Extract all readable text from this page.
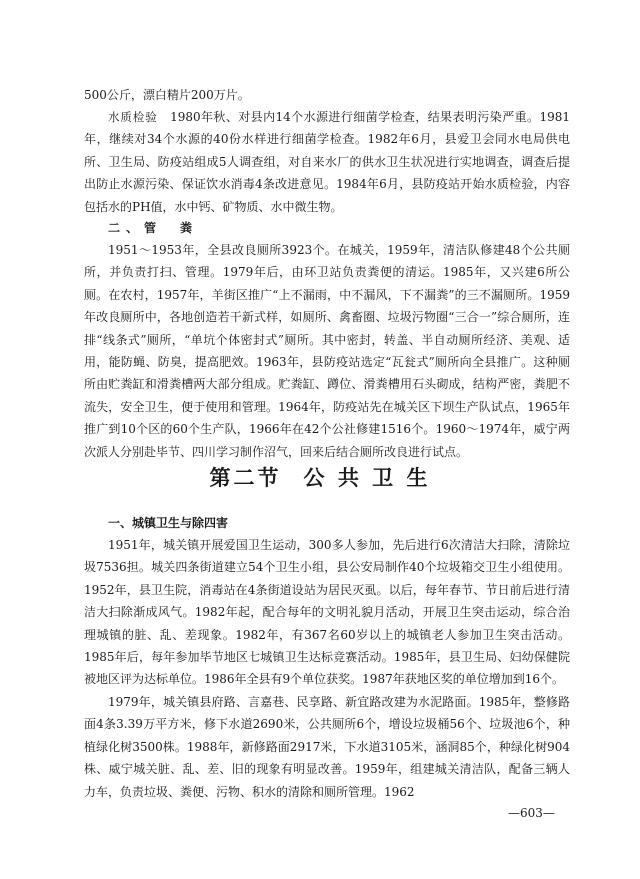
500公斤，漂白精片200万片。

水质检验　1980年秋、对县内14个水源进行细菌学检查，结果表明污染严重。1981年，继续对34个水源的40份水样进行细菌学检查。1982年6月，县爱卫会同水电局供电所、卫生局、防疫站组成5人调查组，对自来水厂的供水卫生状况进行实地调查，调查后提出防止水源污染、保证饮水消毒4条改进意见。1984年6月，县防疫站开始水质检验，内容包括水的PH值，水中钙、矿物质、水中微生物。

二、管　粪

1951～1953年，全县改良厕所3923个。在城关，1959年，清洁队修建48个公共厕所，并负责打扫、管理。1979年后，由环卫站负责粪便的清运。1985年，又兴建6所公厕。在农村，1957年，羊街区推广“上不漏雨，中不漏风，下不漏粪”的三不漏厕所。1959年改良厕所中，各地创造若干新式样，如厕所、禽畜圈、垃圾污物圈“三合一”综合厕所，连排“线条式”厕所，“单坑个体密封式”厕所。其中密封，转盖、半自动厕所经济、美观、适用，能防蝇、防臭，提高肥效。1963年，县防疫站选定“瓦瓮式”厕所向全县推广。这种厕所由贮粪缸和滑粪槽两大部分组成。贮粪缸、蹲位、滑粪槽用石头砌成，结构严密，粪肥不流失，安全卫生，便于使用和管理。1964年，防疫站先在城关区下坝生产队试点，1965年推广到10个区的60个生产队，1966年在42个公社修建1516个。1960～1974年，威宁两次派人分别赴毕节、四川学习制作沼气，回来后结合厕所改良进行试点。

第二节 公 共 卫 生

一、城镇卫生与除四害

1951年，城关镇开展爱国卫生运动，300多人参加，先后进行6次清洁大扫除，清除垃圾7536担。城关四条街道建立54个卫生小组，县公安局制作40个垃圾箱交卫生小组使用。1952年，县卫生院，消毒站在4条街道设站为居民灭虱。以后，每年春节、节日前后进行清洁大扫除渐成风气。1982年起，配合每年的文明礼貌月活动，开展卫生突击运动，综合治理城镇的脏、乱、差现象。1982年，有367名60岁以上的城镇老人参加卫生突击活动。1985年后，每年参加毕节地区七城镇卫生达标竞赛活动。1985年，县卫生局、妇幼保健院被地区评为达标单位。1986年全县有9个单位获奖。1987年获地区奖的单位增加到16个。

1979年，城关镇县府路、言嘉巷、民享路、新宜路改建为水泥路面。1985年，整修路面4条3.39万平方米，修下水道2690米，公共厕所6个，增设垃圾桶56个、垃圾池6个，种植绿化树3500株。1988年，新修路面2917米，下水道3105米，涵洞85个，种绿化树904株、威宁城关脏、乱、差、旧的现象有明显改善。1959年，组建城关清洁队，配备三辆人力车，负责垃圾、粪便、污物、积水的清除和厕所管理。1962

—603—
